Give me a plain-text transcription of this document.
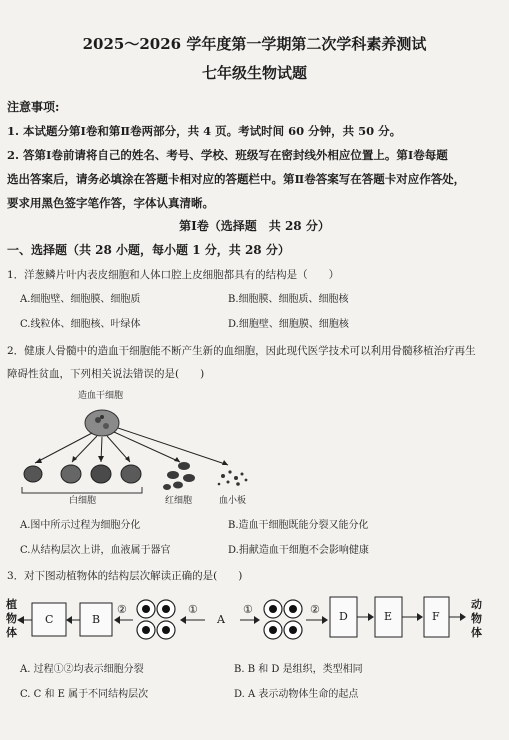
2025～2026 学年度第一学期第二次学科素养测试
七年级生物试题
注意事项:
1. 本试题分第Ⅰ卷和第Ⅱ卷两部分，共 4 页。考试时间 60 分钟，共 50 分。
2. 答第Ⅰ卷前请将自己的姓名、考号、学校、班级写在密封线外相应位置上。第Ⅰ卷每题
选出答案后，请务必填涂在答题卡相对应的答题栏中。第Ⅱ卷答案写在答题卡对应作答处，
要求用黑色签字笔作答，字体认真清晰。
第Ⅰ卷（选择题　共 28 分）
一、选择题（共 28 小题，每小题 1 分，共 28 分）
1．洋葱鳞片叶内表皮细胞和人体口腔上皮细胞都具有的结构是（　　）
A.细胞壁、细胞膜、细胞质	B.细胞膜、细胞质、细胞核
C.线粒体、细胞核、叶绿体	D.细胞壁、细胞膜、细胞核
2．健康人骨髓中的造血干细胞能不断产生新的血细胞，因此现代医学技术可以利用骨髓移植治疗再生
障碍性贫血，下列相关说法错误的是(　　)
造血干细胞
白细胞	红细胞	血小板
A.图中所示过程为细胞分化	B.造血干细胞既能分裂又能分化
C.从结构层次上讲，血液属于器官	D.捐献造血干细胞不会影响健康
3．对下图动植物体的结构层次解读正确的是(　　)
植
物
体
C	B
②	①
A
①	②
D	E	F
动
物
体
A. 过程①②均表示细胞分裂	B. B 和 D 是组织，类型相同
C. C 和 E 属于不同结构层次	D. A 表示动物体生命的起点
